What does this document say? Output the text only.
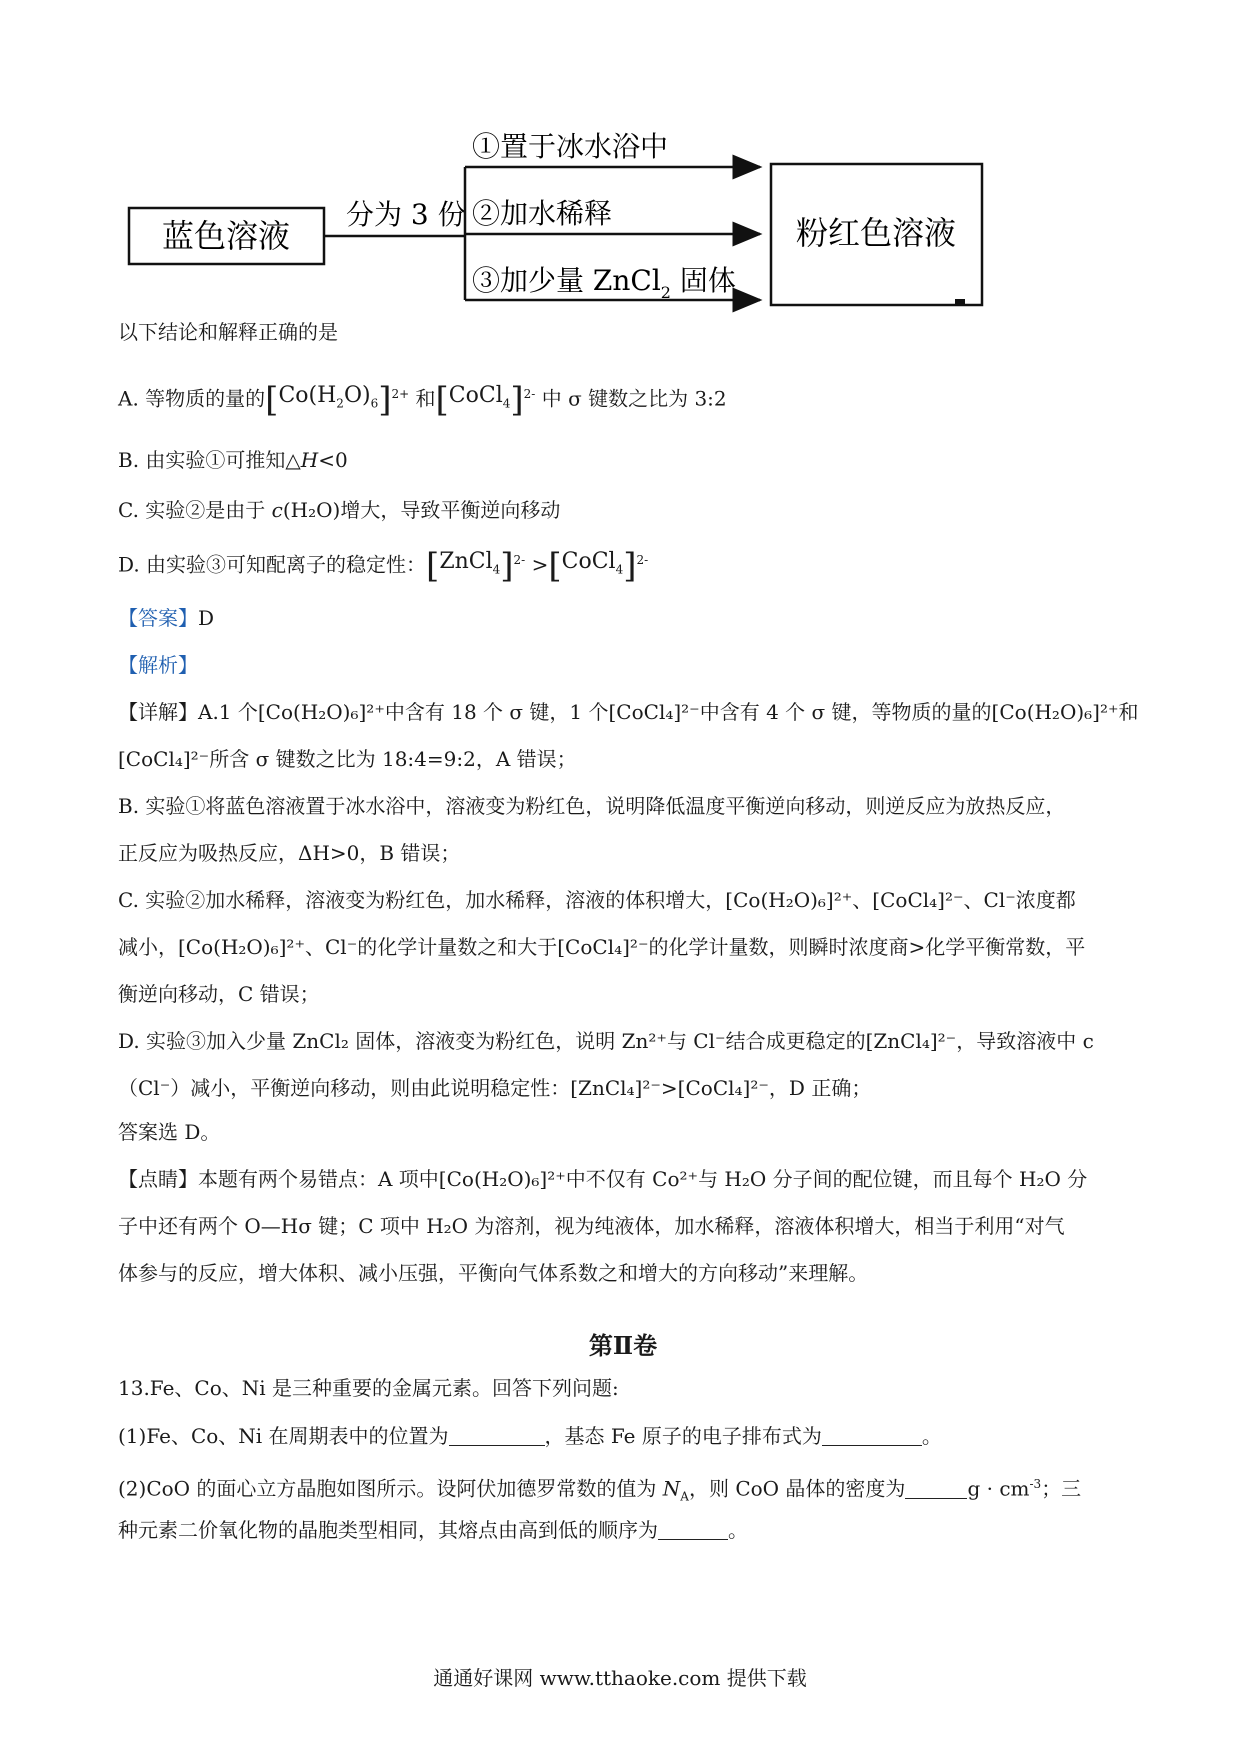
蓝色溶液
分为 3 份
①置于冰水浴中
②加水稀释
③加少量 ZnCl$_2$ 固体
粉红色溶液
以下结论和解释正确的是
A. 等物质的量的$[Co(H_2O)_6]^{2+}$ 和[CoCl$_4$]$^{2-}$ 中 σ 键数之比为 3:2
B. 由实验①可推知△H<0
C. 实验②是由于 c(H₂O)增大，导致平衡逆向移动
D. 由实验③可知配离子的稳定性：[ZnCl$_4$]$^{2-}$ >[CoCl$_4$]$^{2-}$
【答案】D
【解析】
【详解】A.1 个[Co(H₂O)₆]²⁺中含有 18 个 σ 键，1 个[CoCl₄]²⁻中含有 4 个 σ 键，等物质的量的[Co(H₂O)₆]²⁺和
[CoCl₄]²⁻所含 σ 键数之比为 18:4=9:2，A 错误；
B. 实验①将蓝色溶液置于冰水浴中，溶液变为粉红色，说明降低温度平衡逆向移动，则逆反应为放热反应，
正反应为吸热反应，ΔH>0，B 错误；
C. 实验②加水稀释，溶液变为粉红色，加水稀释，溶液的体积增大，[Co(H₂O)₆]²⁺、[CoCl₄]²⁻、Cl⁻浓度都
减小，[Co(H₂O)₆]²⁺、Cl⁻的化学计量数之和大于[CoCl₄]²⁻的化学计量数，则瞬时浓度商>化学平衡常数，平
衡逆向移动，C 错误；
D. 实验③加入少量 ZnCl₂ 固体，溶液变为粉红色，说明 Zn²⁺与 Cl⁻结合成更稳定的[ZnCl₄]²⁻，导致溶液中 c
（Cl⁻）减小，平衡逆向移动，则由此说明稳定性：[ZnCl₄]²⁻>[CoCl₄]²⁻，D 正确；
答案选 D。
【点睛】本题有两个易错点：A 项中[Co(H₂O)₆]²⁺中不仅有 Co²⁺与 H₂O 分子间的配位键，而且每个 H₂O 分
子中还有两个 O—Hσ 键；C 项中 H₂O 为溶剂，视为纯液体，加水稀释，溶液体积增大，相当于利用“对气
体参与的反应，增大体积、减小压强，平衡向气体系数之和增大的方向移动”来理解。
第Ⅱ卷
13.Fe、Co、Ni 是三种重要的金属元素。回答下列问题:
(1)Fe、Co、Ni 在周期表中的位置为	，基态 Fe 原子的电子排布式为	。
(2)CoO 的面心立方晶胞如图所示。设阿伏加德罗常数的值为 $N_A$，则 CoO 晶体的密度为	$g \cdot cm^{-3}$；三
种元素二价氧化物的晶胞类型相同，其熔点由高到低的顺序为	。
通通好课网 www.tthaoke.com 提供下载
